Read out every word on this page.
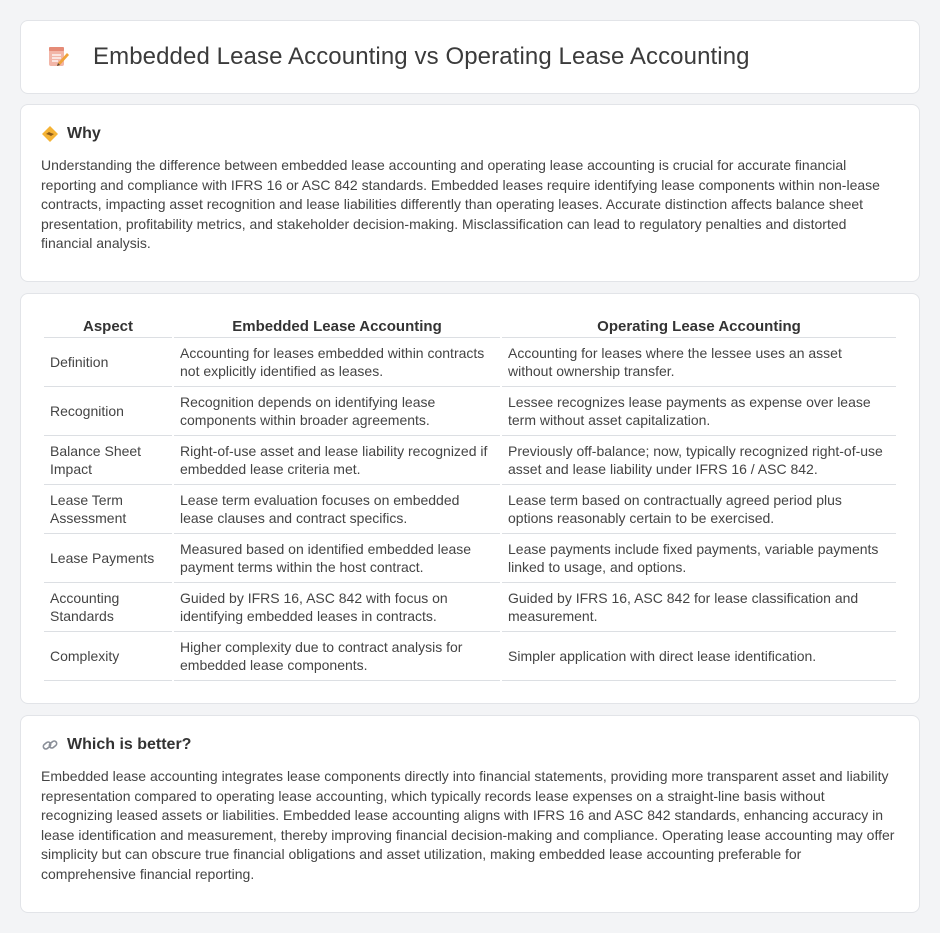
Embedded Lease Accounting vs Operating Lease Accounting
Why

Understanding the difference between embedded lease accounting and operating lease accounting is crucial for accurate financial reporting and compliance with IFRS 16 or ASC 842 standards. Embedded leases require identifying lease components within non-lease contracts, impacting asset recognition and lease liabilities differently than operating leases. Accurate distinction affects balance sheet presentation, profitability metrics, and stakeholder decision-making. Misclassification can lead to regulatory penalties and distorted financial analysis.

Aspect	Embedded Lease Accounting	Operating Lease Accounting
Definition	Accounting for leases embedded within contracts not explicitly identified as leases.	Accounting for leases where the lessee uses an asset without ownership transfer.
Recognition	Recognition depends on identifying lease components within broader agreements.	Lessee recognizes lease payments as expense over lease term without asset capitalization.
Balance Sheet Impact	Right-of-use asset and lease liability recognized if embedded lease criteria met.	Previously off-balance; now, typically recognized right-of-use asset and lease liability under IFRS 16 / ASC 842.
Lease Term Assessment	Lease term evaluation focuses on embedded lease clauses and contract specifics.	Lease term based on contractually agreed period plus options reasonably certain to be exercised.
Lease Payments	Measured based on identified embedded lease payment terms within the host contract.	Lease payments include fixed payments, variable payments linked to usage, and options.
Accounting Standards	Guided by IFRS 16, ASC 842 with focus on identifying embedded leases in contracts.	Guided by IFRS 16, ASC 842 for lease classification and measurement.
Complexity	Higher complexity due to contract analysis for embedded lease components.	Simpler application with direct lease identification.
Which is better?

Embedded lease accounting integrates lease components directly into financial statements, providing more transparent asset and liability representation compared to operating lease accounting, which typically records lease expenses on a straight-line basis without recognizing leased assets or liabilities. Embedded lease accounting aligns with IFRS 16 and ASC 842 standards, enhancing accuracy in lease identification and measurement, thereby improving financial decision-making and compliance. Operating lease accounting may offer simplicity but can obscure true financial obligations and asset utilization, making embedded lease accounting preferable for comprehensive financial reporting.
